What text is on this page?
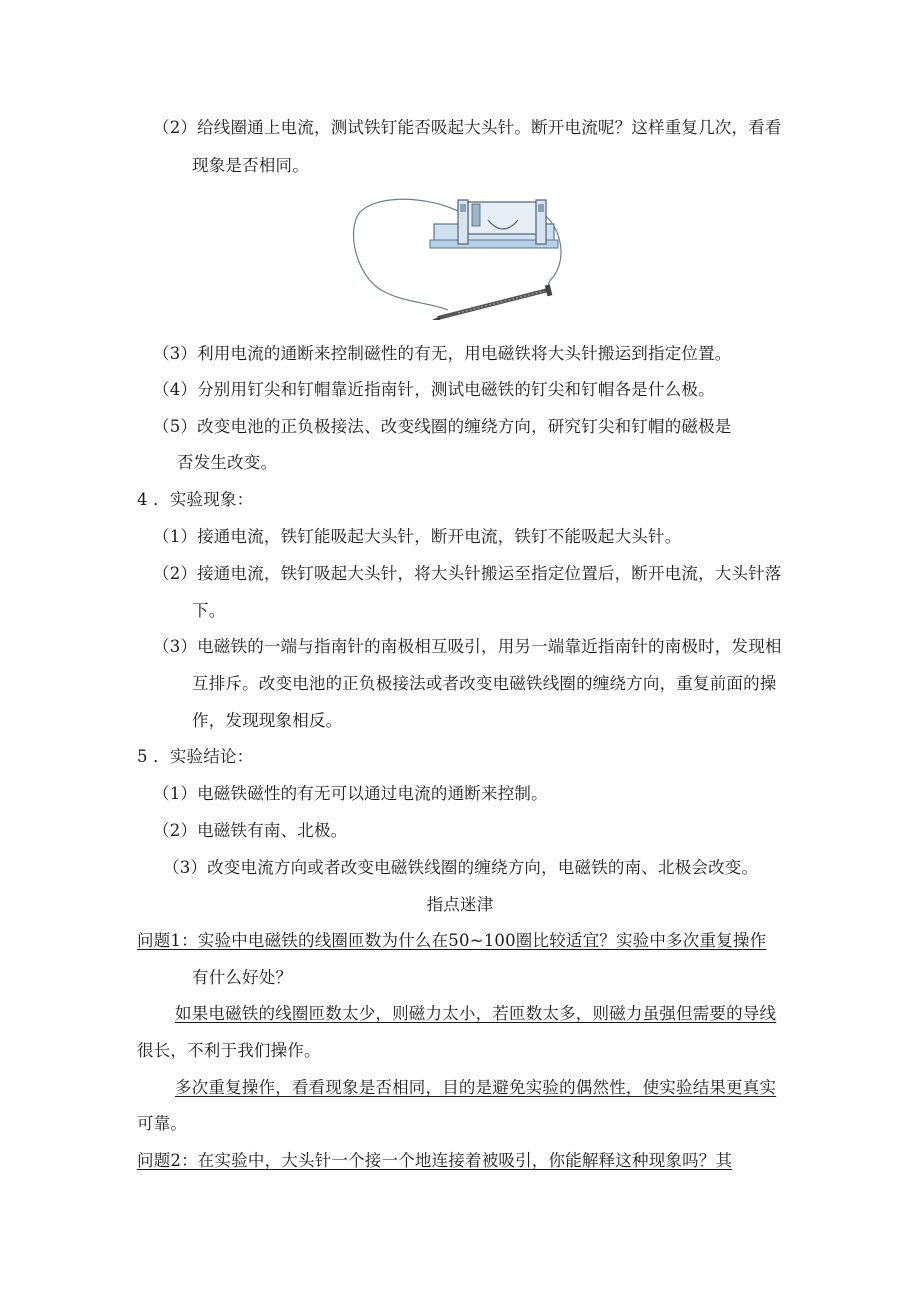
（2）给线圈通上电流，测试铁钉能否吸起大头针。断开电流呢？这样重复几次，看看
现象是否相同。
（3）利用电流的通断来控制磁性的有无，用电磁铁将大头针搬运到指定位置。
（4）分别用钉尖和钉帽靠近指南针，测试电磁铁的钉尖和钉帽各是什么极。
（5）改变电池的正负极接法、改变线圈的缠绕方向，研究钉尖和钉帽的磁极是
否发生改变。
4 ．实验现象：
（1）接通电流，铁钉能吸起大头针，断开电流，铁钉不能吸起大头针。
（2）接通电流，铁钉吸起大头针，将大头针搬运至指定位置后，断开电流，大头针落
下。
（3）电磁铁的一端与指南针的南极相互吸引，用另一端靠近指南针的南极时，发现相
互排斥。改变电池的正负极接法或者改变电磁铁线圈的缠绕方向，重复前面的操
作，发现现象相反。
5 ．实验结论：
（1）电磁铁磁性的有无可以通过电流的通断来控制。
（2）电磁铁有南、北极。
（3）改变电流方向或者改变电磁铁线圈的缠绕方向，电磁铁的南、北极会改变。
指点迷津
问题1：实验中电磁铁的线圈匝数为什么在50~100圈比较适宜？实验中多次重复操作
有什么好处？
如果电磁铁的线圈匝数太少，则磁力太小，若匝数太多，则磁力虽强但需要的导线
很长，不利于我们操作。
多次重复操作，看看现象是否相同，目的是避免实验的偶然性，使实验结果更真实
可靠。
问题2：在实验中，大头针一个接一个地连接着被吸引，你能解释这种现象吗？其
